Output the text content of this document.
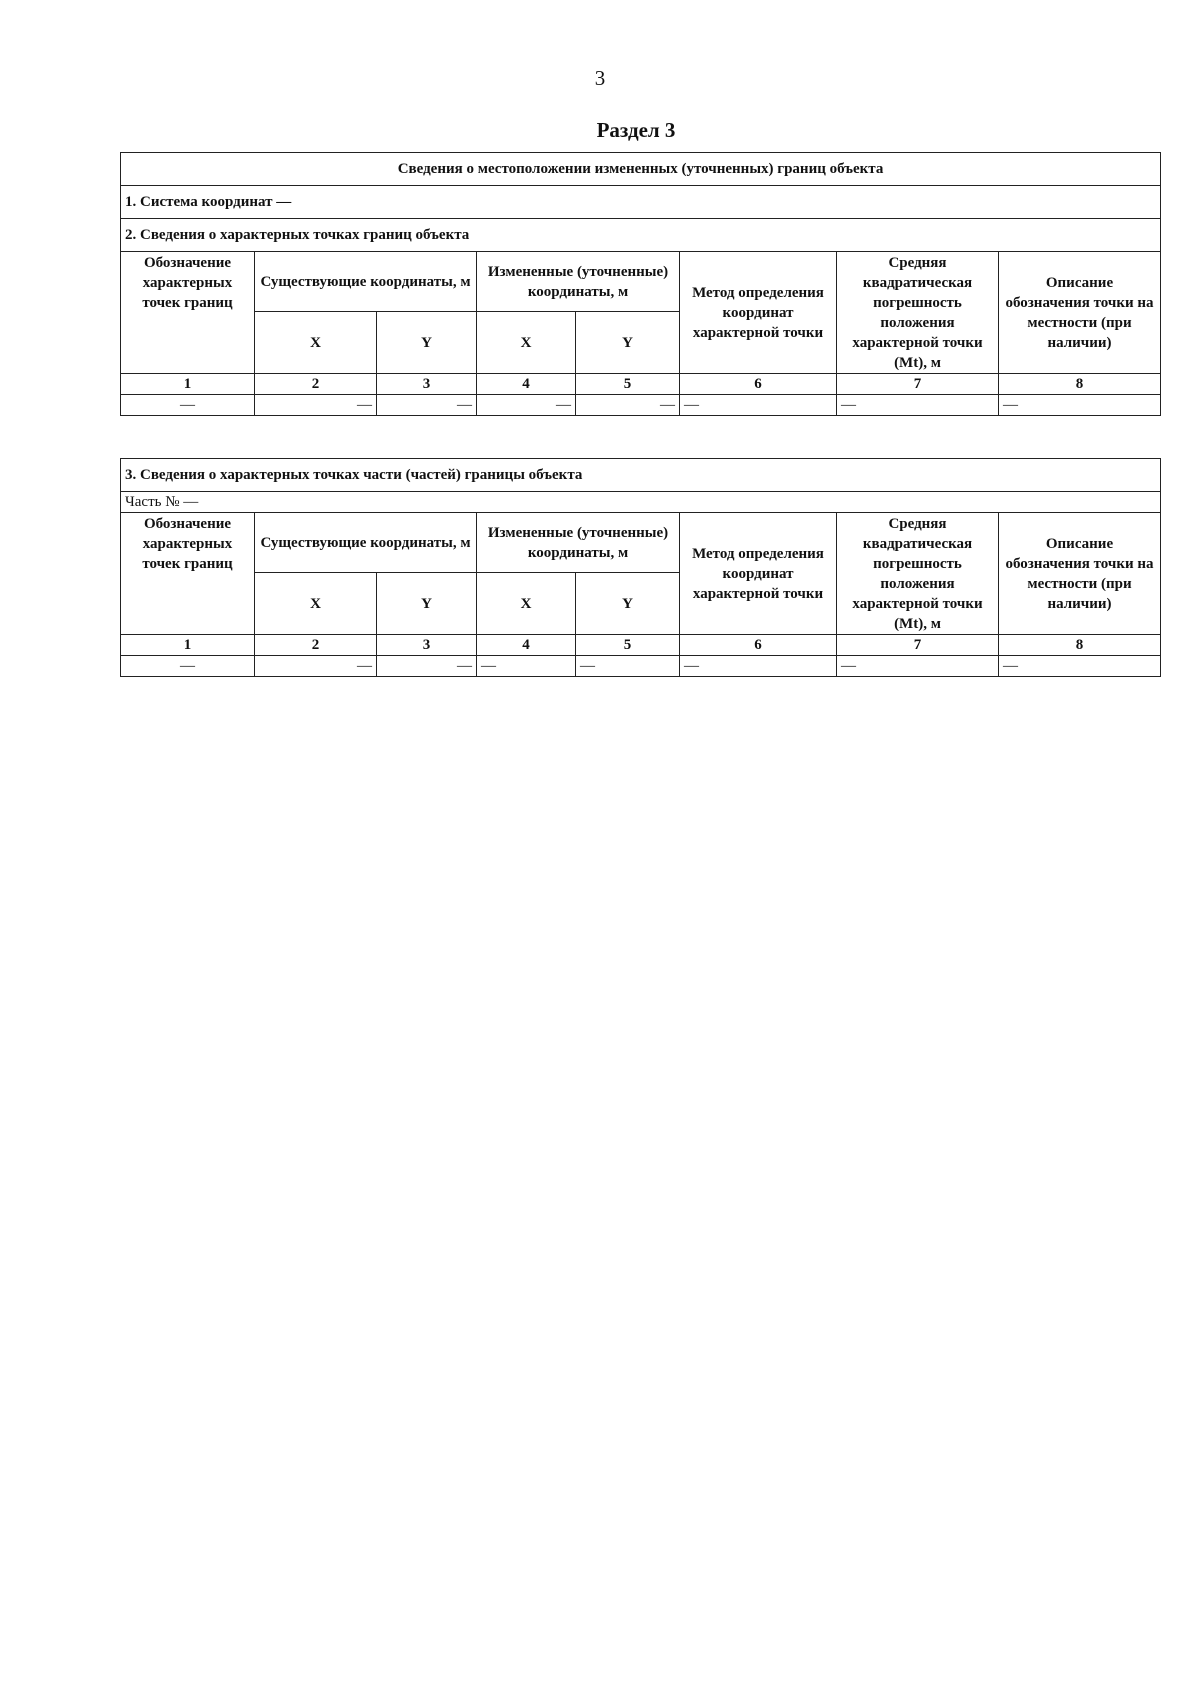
3
Раздел 3
Сведения о местоположении измененных (уточненных) границ объекта							
1. Система координат —							
2. Сведения о характерных точках границ объекта							
Обозначение характерных точек границ	Существующие координаты, м		Измененные (уточненные) координаты, м		Метод определения координат характерной точки	Средняя квадратическая погрешность положения характерной точки (Мt), м	Описание обозначения точки на местности (при наличии)
	X	Y	X	Y			
1	2	3	4	5	6	7	8
—	—	—	—	—	—	—	—
3. Сведения о характерных точках части (частей) границы объекта							
Часть № —							
Обозначение характерных точек границ	Существующие координаты, м		Измененные (уточненные) координаты, м		Метод определения координат характерной точки	Средняя квадратическая погрешность положения характерной точки (Мt), м	Описание обозначения точки на местности (при наличии)
	X	Y	X	Y			
1	2	3	4	5	6	7	8
—	—	—	—	—	—	—	—
